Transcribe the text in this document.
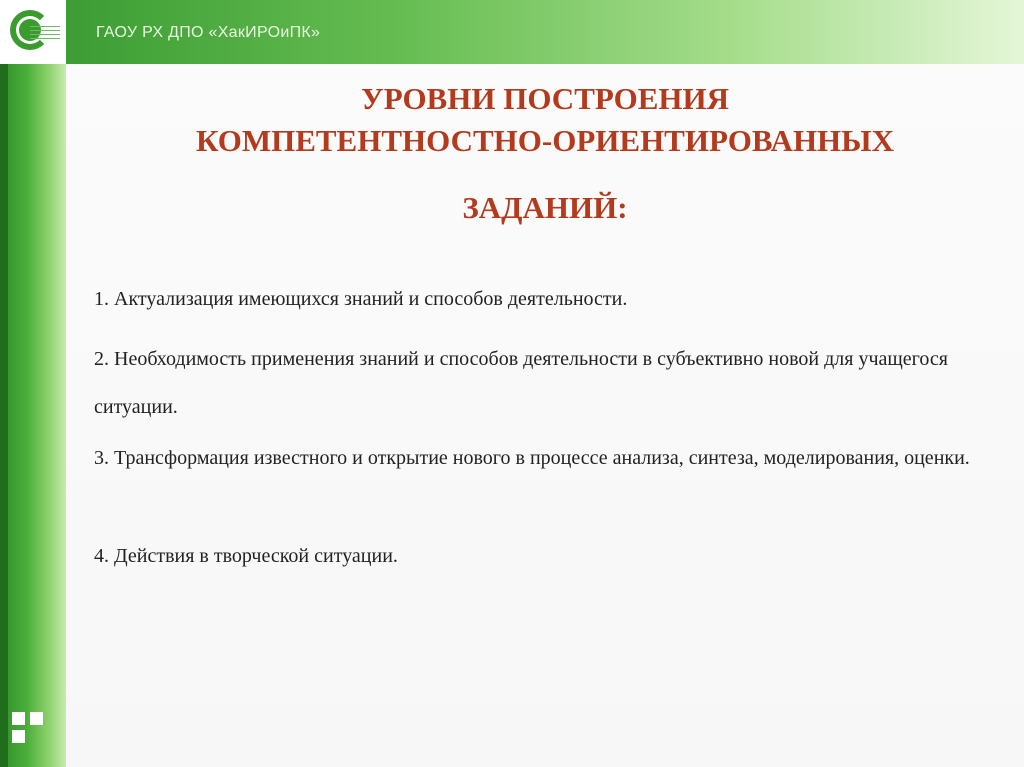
ГАОУ РХ ДПО «ХакИРОиПК»
УРОВНИ ПОСТРОЕНИЯ
КОМПЕТЕНТНОСТНО-ОРИЕНТИРОВАННЫХ
ЗАДАНИЙ:
1. Актуализация имеющихся знаний и способов деятельности.
2. Необходимость применения знаний и способов деятельности в субъективно новой для учащегося ситуации.
3. Трансформация известного и открытие нового в процессе анализа, синтеза, моделирования, оценки.
4. Действия в творческой ситуации.
